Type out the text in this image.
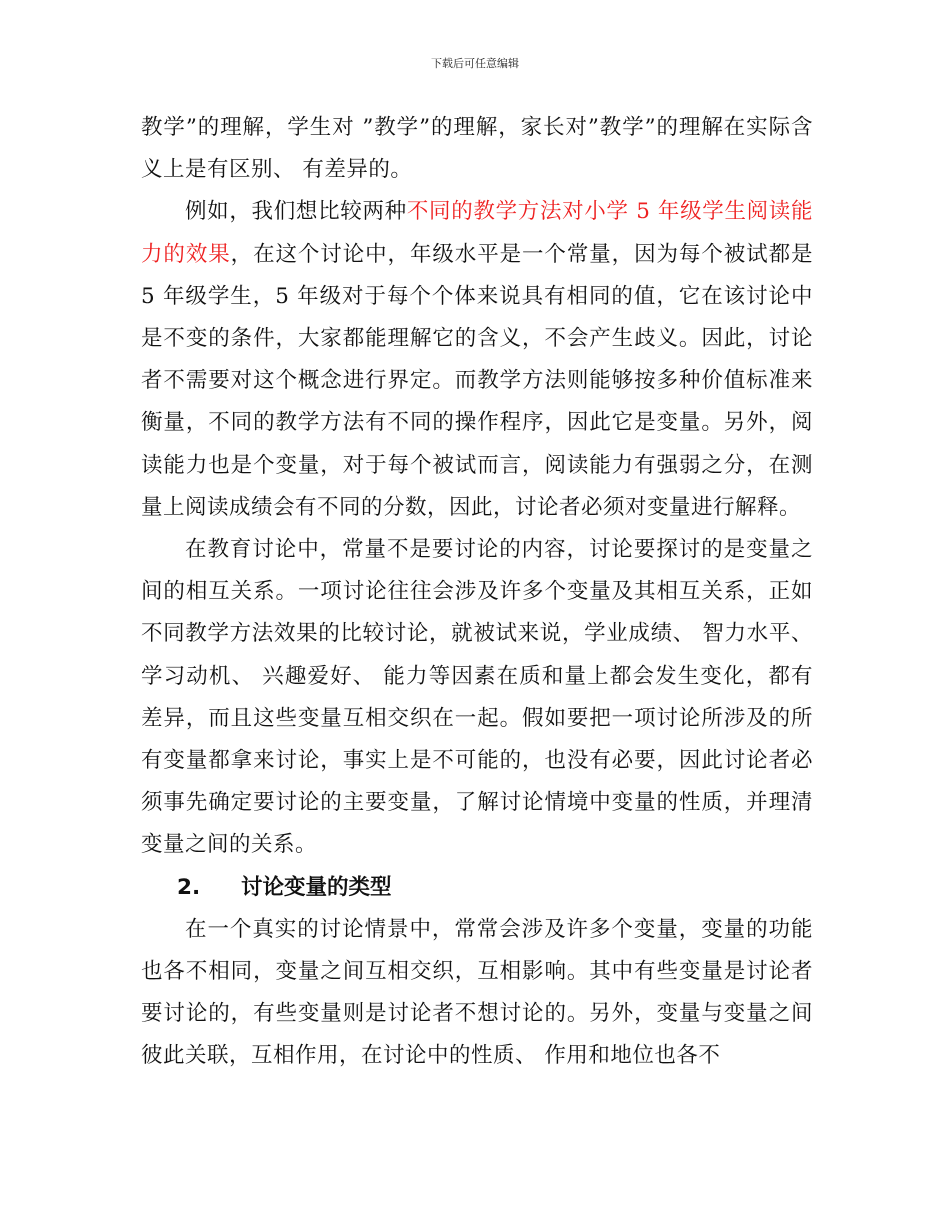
下载后可任意编辑

教学”的理解，学生对 ”教学”的理解，家长对”教学”的理解在实际含义上是有区别、 有差异的。

例如，我们想比较两种不同的教学方法对小学 5 年级学生阅读能力的效果，在这个讨论中，年级水平是一个常量，因为每个被试都是 5 年级学生，5 年级对于每个个体来说具有相同的值，它在该讨论中是不变的条件，大家都能理解它的含义，不会产生歧义。因此，讨论者不需要对这个概念进行界定。而教学方法则能够按多种价值标准来衡量，不同的教学方法有不同的操作程序，因此它是变量。另外，阅读能力也是个变量，对于每个被试而言，阅读能力有强弱之分，在测量上阅读成绩会有不同的分数，因此，讨论者必须对变量进行解释。

在教育讨论中，常量不是要讨论的内容，讨论要探讨的是变量之间的相互关系。一项讨论往往会涉及许多个变量及其相互关系，正如不同教学方法效果的比较讨论，就被试来说，学业成绩、 智力水平、 学习动机、 兴趣爱好、 能力等因素在质和量上都会发生变化，都有差异，而且这些变量互相交织在一起。假如要把一项讨论所涉及的所有变量都拿来讨论，事实上是不可能的，也没有必要，因此讨论者必须事先确定要讨论的主要变量，了解讨论情境中变量的性质，并理清变量之间的关系。

2. 讨论变量的类型

在一个真实的讨论情景中，常常会涉及许多个变量，变量的功能也各不相同，变量之间互相交织，互相影响。其中有些变量是讨论者要讨论的，有些变量则是讨论者不想讨论的。另外，变量与变量之间彼此关联，互相作用，在讨论中的性质、 作用和地位也各不
